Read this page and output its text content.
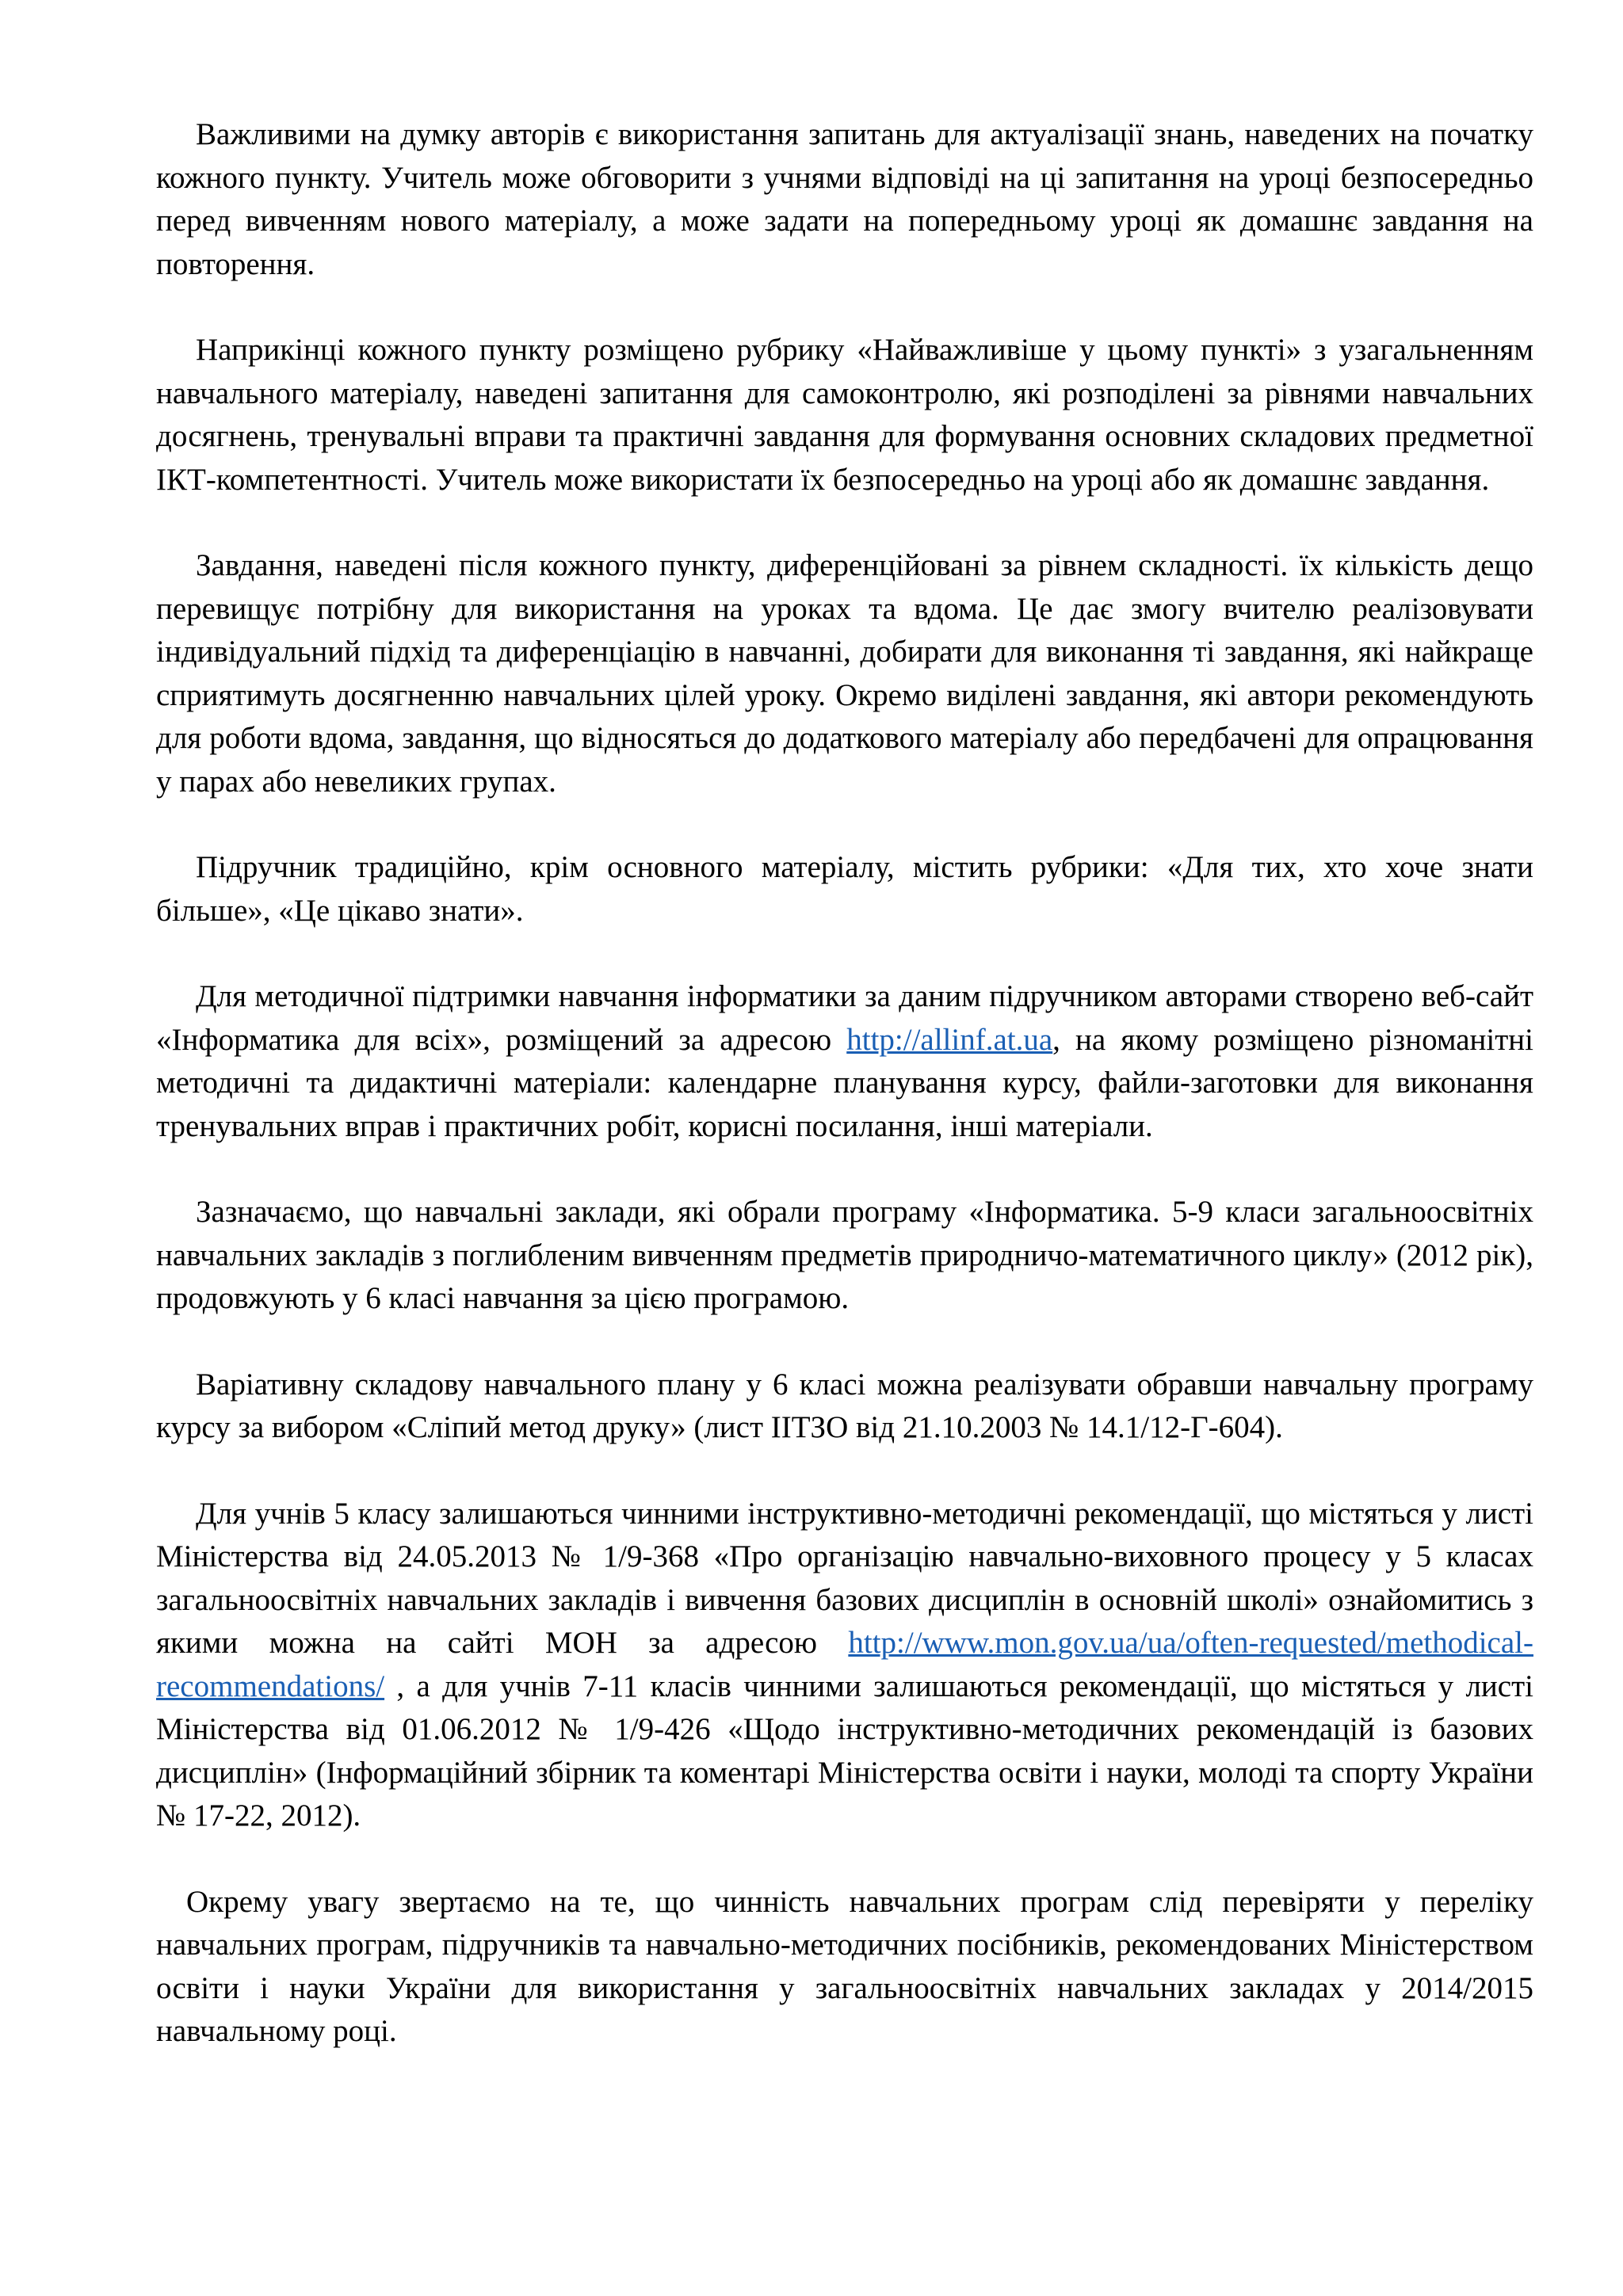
Важливими на думку авторів є використання запитань для актуалізації знань, наведених на початку кожного пункту. Учитель може обговорити з учнями відповіді на ці запитання на уроці безпосередньо перед вивченням нового матеріалу, а може задати на попередньому уроці як домашнє завдання на повторення.

Наприкінці кожного пункту розміщено рубрику «Найважливіше у цьому пункті» з узагальненням навчального матеріалу, наведені запитання для самоконтролю, які розподілені за рівнями навчальних досягнень, тренувальні вправи та практичні завдання для формування основних складових предметної ІКТ-компетентності. Учитель може використати їх безпосередньо на уроці або як домашнє завдання.

Завдання, наведені після кожного пункту, диференційовані за рівнем складності. їх кількість дещо перевищує потрібну для використання на уроках та вдома. Це дає змогу вчителю реалізовувати індивідуальний підхід та диференціацію в навчанні, добирати для виконання ті завдання, які найкраще сприятимуть досягненню навчальних цілей уроку. Окремо виділені завдання, які автори рекомендують для роботи вдома, завдання, що відносяться до додаткового матеріалу або передбачені для опрацювання у парах або невеликих групах.

Підручник традиційно, крім основного матеріалу, містить рубрики: «Для тих, хто хоче знати більше», «Це цікаво знати».

Для методичної підтримки навчання інформатики за даним підручником авторами створено веб-сайт «Інформатика для всіх», розміщений за адресою http://allinf.at.ua, на якому розміщено різноманітні методичні та дидактичні матеріали: календарне планування курсу, файли-заготовки для виконання тренувальних вправ і практичних робіт, корисні посилання, інші матеріали.

Зазначаємо, що навчальні заклади, які обрали програму «Інформатика. 5-9 класи загальноосвітніх навчальних закладів з поглибленим вивченням предметів природничо-математичного циклу» (2012 рік), продовжують у 6 класі навчання за цією програмою.

Варіативну складову навчального плану у 6 класі можна реалізувати обравши навчальну програму курсу за вибором «Сліпий метод друку» (лист ІІТЗО від 21.10.2003 № 14.1/12-Г-604).

Для учнів 5 класу залишаються чинними інструктивно-методичні рекомендації, що містяться у листі Міністерства від 24.05.2013 № 1/9-368 «Про організацію навчально-виховного процесу у 5 класах загальноосвітніх навчальних закладів і вивчення базових дисциплін в основній школі» ознайомитись з якими можна на сайті МОН за адресою http://www.mon.gov.ua/ua/often-requested/methodical-recommendations/ , а для учнів 7-11 класів чинними залишаються рекомендації, що містяться у листі Міністерства від 01.06.2012 № 1/9-426 «Щодо інструктивно-методичних рекомендацій із базових дисциплін» (Інформаційний збірник та коментарі Міністерства освіти і науки, молоді та спорту України № 17-22, 2012).

Окрему увагу звертаємо на те, що чинність навчальних програм слід перевіряти у переліку навчальних програм, підручників та навчально-методичних посібників, рекомендованих Міністерством освіти і науки України для використання у загальноосвітніх навчальних закладах у 2014/2015 навчальному році.
